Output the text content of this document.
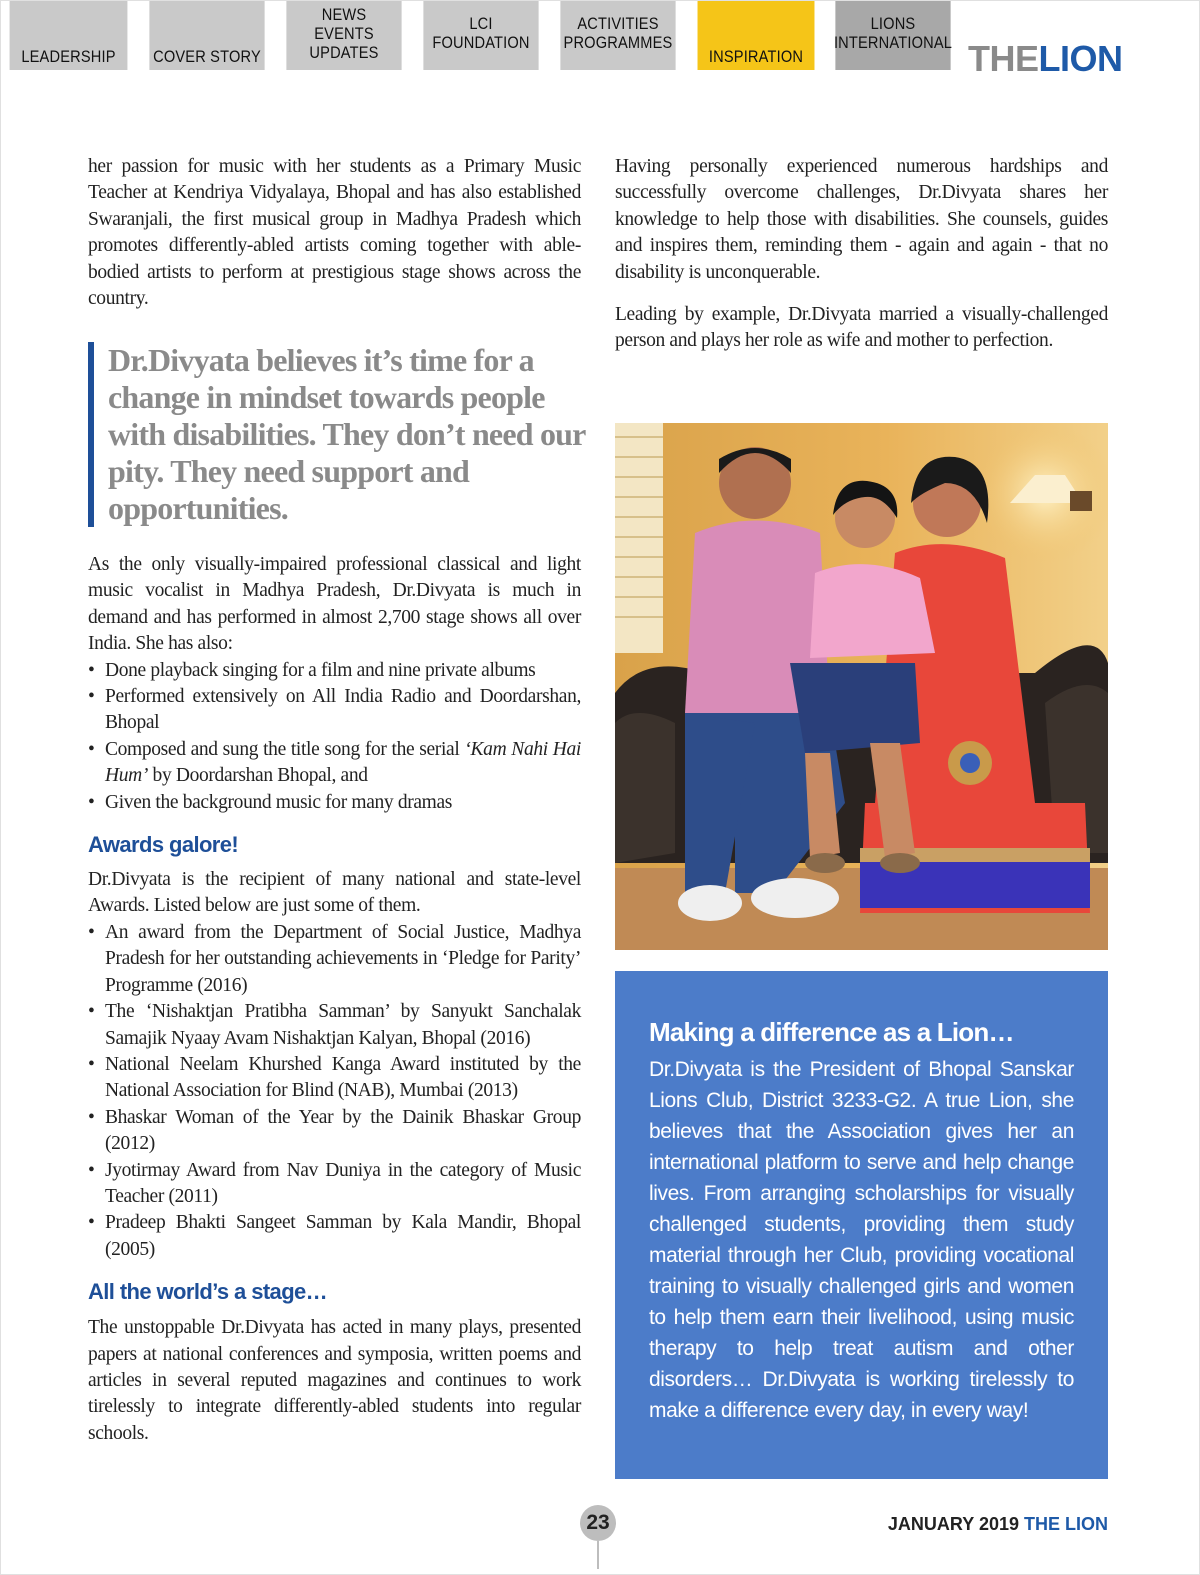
LEADERSHIP COVER STORY
NEWS
EVENTS
UPDATES
LCI
FOUNDATION
ACTIVITIES
PROGRAMMES
INSPIRATION
LIONS
INTERNATIONAL THELION

her passion for music with her students as a Primary Music Teacher at Kendriya Vidyalaya, Bhopal and has also established Swaranjali, the first musical group in Madhya Pradesh which promotes differently-abled artists coming together with able-bodied artists to perform at prestigious stage shows across the country.

Dr.Divyata believes it’s time for a change in mindset towards people with disabilities. They don’t need our pity. They need support and opportunities.

As the only visually-impaired professional classical and light music vocalist in Madhya Pradesh, Dr.Divyata is much in demand and has performed in almost 2,700 stage shows all over India. She has also:

• Done playback singing for a film and nine private albums
• Performed extensively on All India Radio and Doordarshan, Bhopal
• Composed and sung the title song for the serial ‘Kam Nahi Hai Hum’ by Doordarshan Bhopal, and
• Given the background music for many dramas
Awards galore!

Dr.Divyata is the recipient of many national and state-level Awards. Listed below are just some of them.

• An award from the Department of Social Justice, Madhya Pradesh for her outstanding achievements in ‘Pledge for Parity’ Programme (2016)
• The ‘Nishaktjan Pratibha Samman’ by Sanyukt Sanchalak Samajik Nyaay Avam Nishaktjan Kalyan, Bhopal (2016)
• National Neelam Khurshed Kanga Award instituted by the National Association for Blind (NAB), Mumbai (2013)
• Bhaskar Woman of the Year by the Dainik Bhaskar Group (2012)
• Jyotirmay Award from Nav Duniya in the category of Music Teacher (2011)
• Pradeep Bhakti Sangeet Samman by Kala Mandir, Bhopal (2005)
All the world’s a stage…

The unstoppable Dr.Divyata has acted in many plays, presented papers at national conferences and symposia, written poems and articles in several reputed magazines and continues to work tirelessly to integrate differently-abled students into regular schools.

Having personally experienced numerous hardships and successfully overcome challenges, Dr.Divyata shares her knowledge to help those with disabilities. She counsels, guides and inspires them, reminding them - again and again - that no disability is unconquerable.

Leading by example, Dr.Divyata married a visually-challenged person and plays her role as wife and mother to perfection.

Making a difference as a Lion…

Dr.Divyata is the President of Bhopal Sanskar Lions Club, District 3233-G2. A true Lion, she believes that the Association gives her an international platform to serve and help change lives. From arranging scholarships for visually challenged students, providing them study material through her Club, providing vocational training to visually challenged girls and women to help them earn their livelihood, using music therapy to help treat autism and other disorders… Dr.Divyata is working tirelessly to make a difference every day, in every way!

23	JANUARY 2019 THE LION
